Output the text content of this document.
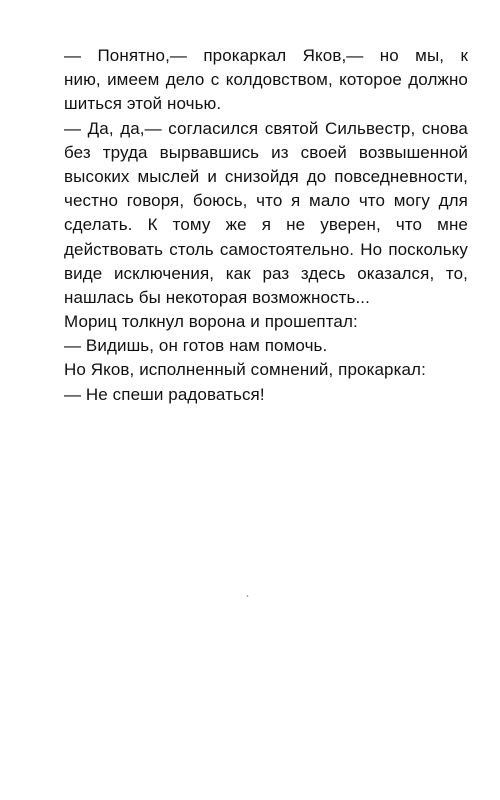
— Понятно,— прокаркал Яков,— но мы, к
нию, имеем дело с колдовством, которое должно
шиться этой ночью.
— Да, да,— согласился святой Сильвестр, снова
без труда вырвавшись из своей возвышенной
высоких мыслей и снизойдя до повседневности,
честно говоря, боюсь, что я мало что могу для
сделать. К тому же я не уверен, что мне
действовать столь самостоятельно. Но поскольку
виде исключения, как раз здесь оказался, то,
нашлась бы некоторая возможность...
Мориц толкнул ворона и прошептал:
— Видишь, он готов нам помочь.
Но Яков, исполненный сомнений, прокаркал:
— Не спеши радоваться!
`
